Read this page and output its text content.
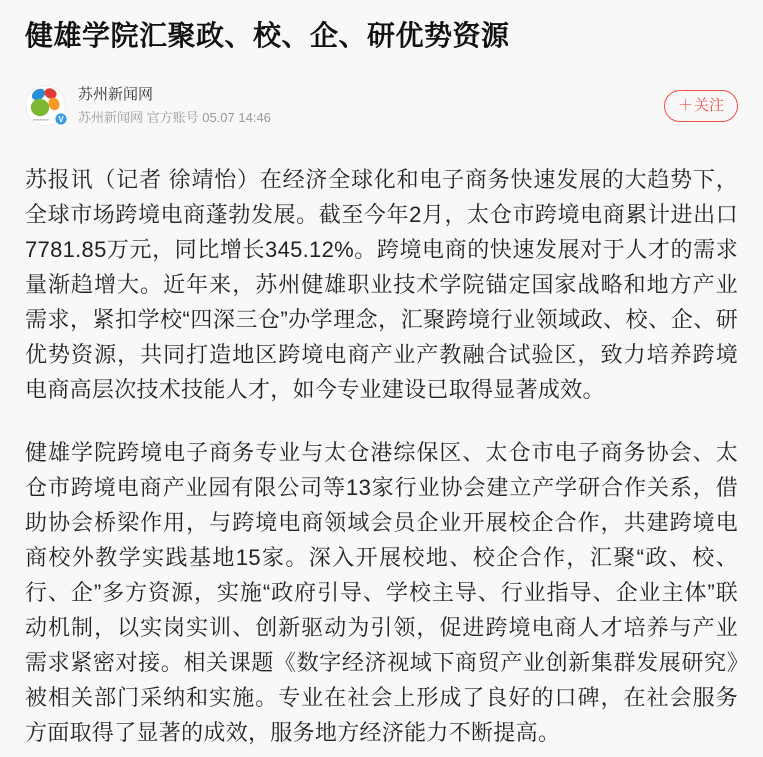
健雄学院汇聚政、校、企、研优势资源
V
苏州新闻网
苏州新闻网 官方账号 05.07 14:46
＋ 关注

苏报讯（记者 徐靖怡）在经济全球化和电子商务快速发展的大趋势下，全球市场跨境电商蓬勃发展。截至今年2月，太仓市跨境电商累计进出口7781.85万元，同比增长345.12%。跨境电商的快速发展对于人才的需求量渐趋增大。近年来，苏州健雄职业技术学院锚定国家战略和地方产业需求，紧扣学校“四深三仓”办学理念，汇聚跨境行业领域政、校、企、研优势资源，共同打造地区跨境电商产业产教融合试验区，致力培养跨境电商高层次技术技能人才，如今专业建设已取得显著成效。

健雄学院跨境电子商务专业与太仓港综保区、太仓市电子商务协会、太仓市跨境电商产业园有限公司等13家行业协会建立产学研合作关系，借助协会桥梁作用，与跨境电商领域会员企业开展校企合作，共建跨境电商校外教学实践基地15家。深入开展校地、校企合作，汇聚“政、校、行、企”多方资源，实施“政府引导、学校主导、行业指导、企业主体”联动机制，以实岗实训、创新驱动为引领，促进跨境电商人才培养与产业需求紧密对接。相关课题《数字经济视域下商贸产业创新集群发展研究》被相关部门采纳和实施。专业在社会上形成了良好的口碑，在社会服务方面取得了显著的成效，服务地方经济能力不断提高。
